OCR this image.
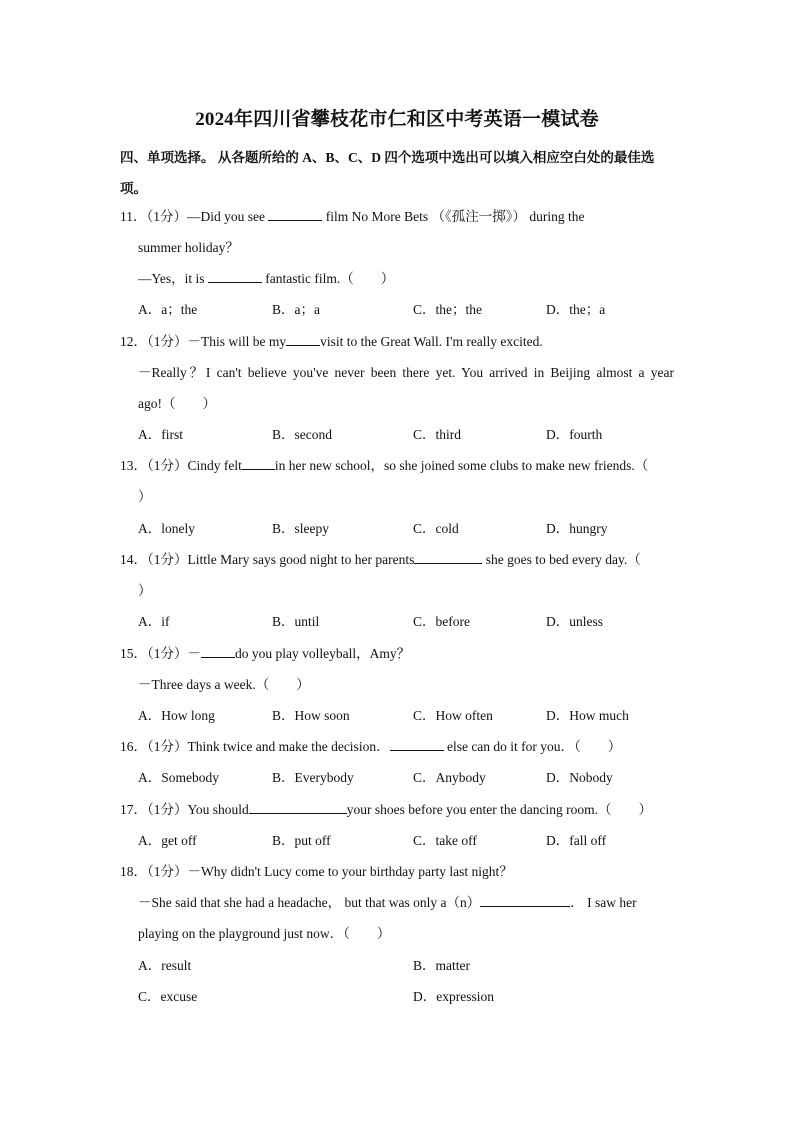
2024年四川省攀枝花市仁和区中考英语一模试卷
四、单项选择。 从各题所给的 A、B、C、D 四个选项中选出可以填入相应空白处的最佳选
项。
11．（1分）—Did you see	film No More Bets （《孤注一掷》） during the
summer holiday？
—Yes，it is	fantastic film.（　　）
A．a；the	B．a；a	C．the；the	D．the；a
12．（1分）－This will be my	visit to the Great Wall. I'm really excited.
－Really？I can't believe you've never been there yet. You arrived in Beijing almost a year
ago!（　　）
A．first	B．second	C．third	D．fourth
13．（1分）Cindy felt in her new school，so she joined some clubs to make new friends.（
）
A．lonely	B．sleepy	C．cold	D．hungry
14．（1分）Little Mary says good night to her parents	she goes to bed every day.（
）
A．if	B．until	C．before	D．unless
15．（1分）－	do you play volleyball，Amy？
－Three days a week.（　　）
A．How long	B．How soon	C．How often	D．How much
16．（1分）Think twice and make the decision．	else can do it for you．（　　）
A．Somebody	B．Everybody	C．Anybody	D．Nobody
17．（1分）You should	your shoes before you enter the dancing room.（　　）
A．get off	B．put off	C．take off	D．fall off
18．（1分）－Why didn't Lucy come to your birthday party last night？
－She said that she had a headache， but that was only a（n）	． I saw her
playing on the playground just now．（　　）
A．result	B．matter
C．excuse	D．expression
